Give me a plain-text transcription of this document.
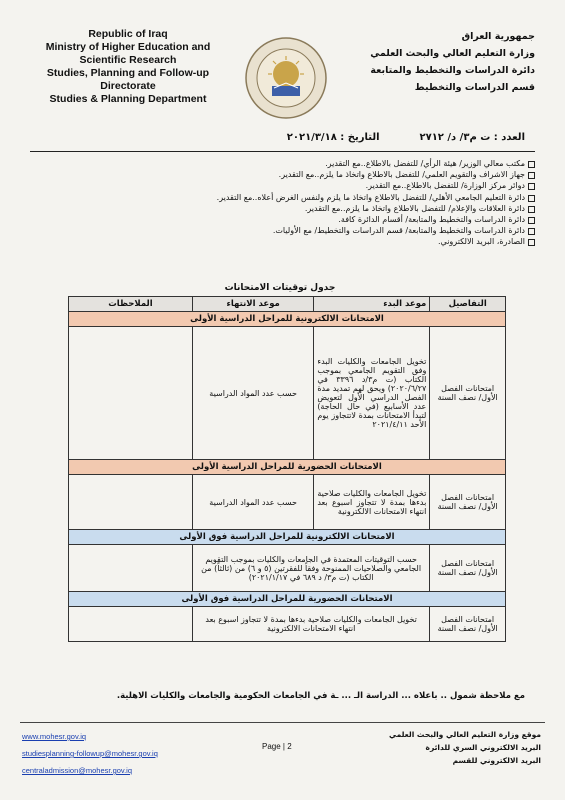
Republic of Iraq
Ministry of Higher Education and
Scientific Research
Studies, Planning and Follow-up
Directorate
Studies & Planning Department
جمهورية العراق
وزارة التعليم العالي والبحث العلمي
دائرة الدراسات والتخطيط والمتابعة
قسم الدراسات والتخطيط
العدد : ت م٣/ د/ ٢٧١٢
التاريخ : ٢٠٢١/٣/١٨
مكتب معالي الوزير/ هيئة الرأي/ للتفضل بالاطلاع..مع التقدير.
جهاز الاشراف والتقويم العلمي/ للتفضل بالاطلاع واتخاذ ما يلزم..مع التقدير.
دوائر مركز الوزارة/ للتفضل بالاطلاع..مع التقدير.
دائرة التعليم الجامعي الأهلي/ للتفضل بالاطلاع واتخاذ ما يلزم ولنفس الغرض أعلاه..مع التقدير.
دائرة العلاقات والإعلام/ للتفضل بالاطلاع واتخاذ ما يلزم..مع التقدير.
دائرة الدراسات والتخطيط والمتابعة/ أقسام الدائرة كافة.
دائرة الدراسات والتخطيط والمتابعة/ قسم الدراسات والتخطيط/ مع الأوليات.
الصادرة، البريد الالكتروني.
جدول توقيتات الامتحانات
التفاصيل	موعد البدء	موعد الانتهاء	الملاحظات
الامتحانات الالكترونية للمراحل الدراسية الأولى			
امتحانات الفصل الأول/ نصف السنة	تخويل الجامعات والكليات البدء وفق التقويم الجامعي بموجب الكتاب (ت م٣/د ٣٣٩٦ في ٢٠٢٠/٦/٢٧) ويحق لهم تمديد مدة الفصل الدراسي الأول لتعويض عدد الأسابيع (في حال الحاجة) لتبدأ الامتحانات بمدة لاتتجاوز يوم الأحد ٢٠٢١/٤/١١	حسب عدد المواد الدراسية	
الامتحانات الحضورية للمراحل الدراسية الأولى			
امتحانات الفصل الأول/ نصف السنة	تخويل الجامعات والكليات صلاحية بدءها بمدة لا تتجاوز اسبوع بعد انتهاء الامتحانات الالكترونية	حسب عدد المواد الدراسية	
الامتحانات الالكترونية للمراحل الدراسية فوق الأولى			
امتحانات الفصل الأول/ نصف السنة	حسب التوقيتات المعتمدة في الجامعات والكليات بموجب التقويم الجامعي والصلاحيات الممنوحة وفقاً للفقرتين (٥ و ٦) من (ثالثاً) من الكتاب (ت م٣/ د ٦٨٩ في ٢٠٢١/١/١٧)		
الامتحانات الحضورية للمراحل الدراسية فوق الأولى			
امتحانات الفصل الأول/ نصف السنة	تخويل الجامعات والكليات صلاحية بدءها بمدة لا تتجاوز اسبوع بعد انتهاء الامتحانات الالكترونية		
مع ملاحظة شمول .. باعلاه ... الدراسة الـ ... ـة في الجامعات الحكومية والجامعات والكليات الاهلية.
www.mohesr.gov.iq
studiesplanning-followup@mohesr.gov.iq
centraladmission@mohesr.gov.iq
Page | 2
موقع وزارة التعليم العالي والبحث العلمي
البريد الالكتروني السري للدائرة
البريد الالكتروني للقسم
